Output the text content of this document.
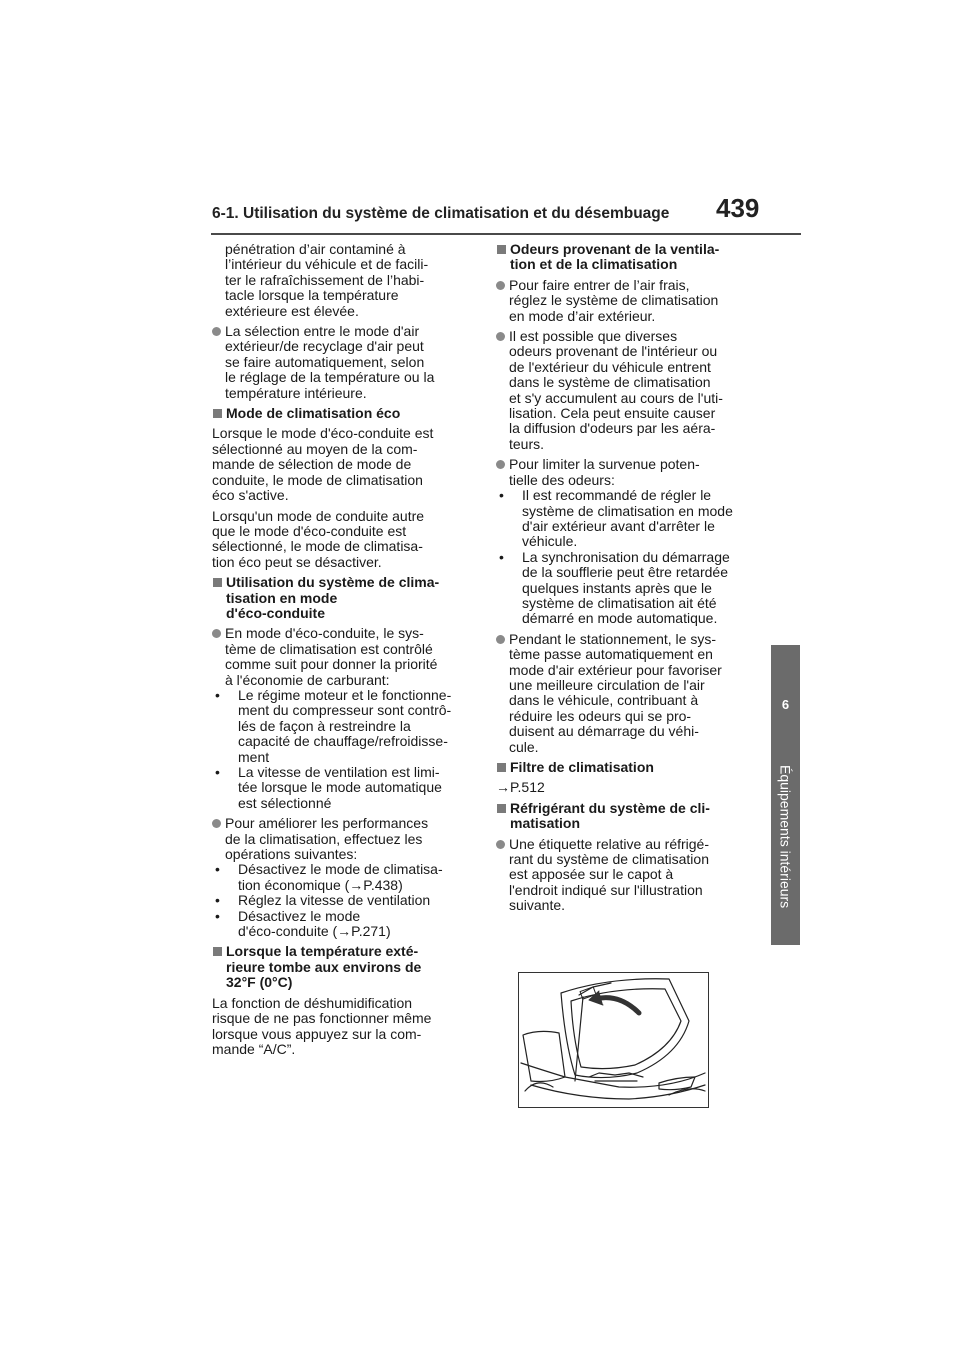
6-1. Utilisation du système de climatisation et du désembuage	439
6
Équipements intérieurs
pénétration d’air contaminé à
l’intérieur du véhicule et de facili-
ter le rafraîchissement de l’habi-
tacle lorsque la température
extérieure est élevée.
La sélection entre le mode d'air
extérieur/de recyclage d'air peut
se faire automatiquement, selon
le réglage de la température ou la
température intérieure.
Mode de climatisation éco
Lorsque le mode d'éco-conduite est
sélectionné au moyen de la com-
mande de sélection de mode de
conduite, le mode de climatisation
éco s'active.
Lorsqu'un mode de conduite autre
que le mode d'éco-conduite est
sélectionné, le mode de climatisa-
tion éco peut se désactiver.
Utilisation du système de clima-
tisation en mode
d'éco-conduite
En mode d'éco-conduite, le sys-
tème de climatisation est contrôlé
comme suit pour donner la priorité
à l'économie de carburant:
• Le régime moteur et le fonctionne-
ment du compresseur sont contrô-
lés de façon à restreindre la
capacité de chauffage/refroidisse-
ment
• La vitesse de ventilation est limi-
tée lorsque le mode automatique
est sélectionné
Pour améliorer les performances
de la climatisation, effectuez les
opérations suivantes:
• Désactivez le mode de climatisa-
tion économique (→P.438)
• Réglez la vitesse de ventilation
• Désactivez le mode
d'éco-conduite (→P.271)
Lorsque la température exté-
rieure tombe aux environs de
32°F (0°C)
La fonction de déshumidification
risque de ne pas fonctionner même
lorsque vous appuyez sur la com-
mande “A/C”.
Odeurs provenant de la ventila-
tion et de la climatisation
Pour faire entrer de l’air frais,
réglez le système de climatisation
en mode d’air extérieur.
Il est possible que diverses
odeurs provenant de l'intérieur ou
de l'extérieur du véhicule entrent
dans le système de climatisation
et s'y accumulent au cours de l'uti-
lisation. Cela peut ensuite causer
la diffusion d'odeurs par les aéra-
teurs.
Pour limiter la survenue poten-
tielle des odeurs:
• Il est recommandé de régler le
système de climatisation en mode
d'air extérieur avant d'arrêter le
véhicule.
• La synchronisation du démarrage
de la soufflerie peut être retardée
quelques instants après que le
système de climatisation ait été
démarré en mode automatique.
Pendant le stationnement, le sys-
tème passe automatiquement en
mode d'air extérieur pour favoriser
une meilleure circulation de l'air
dans le véhicule, contribuant à
réduire les odeurs qui se pro-
duisent au démarrage du véhi-
cule.
Filtre de climatisation
→P.512
Réfrigérant du système de cli-
matisation
Une étiquette relative au réfrigé-
rant du système de climatisation
est apposée sur le capot à
l'endroit indiqué sur l'illustration
suivante.
